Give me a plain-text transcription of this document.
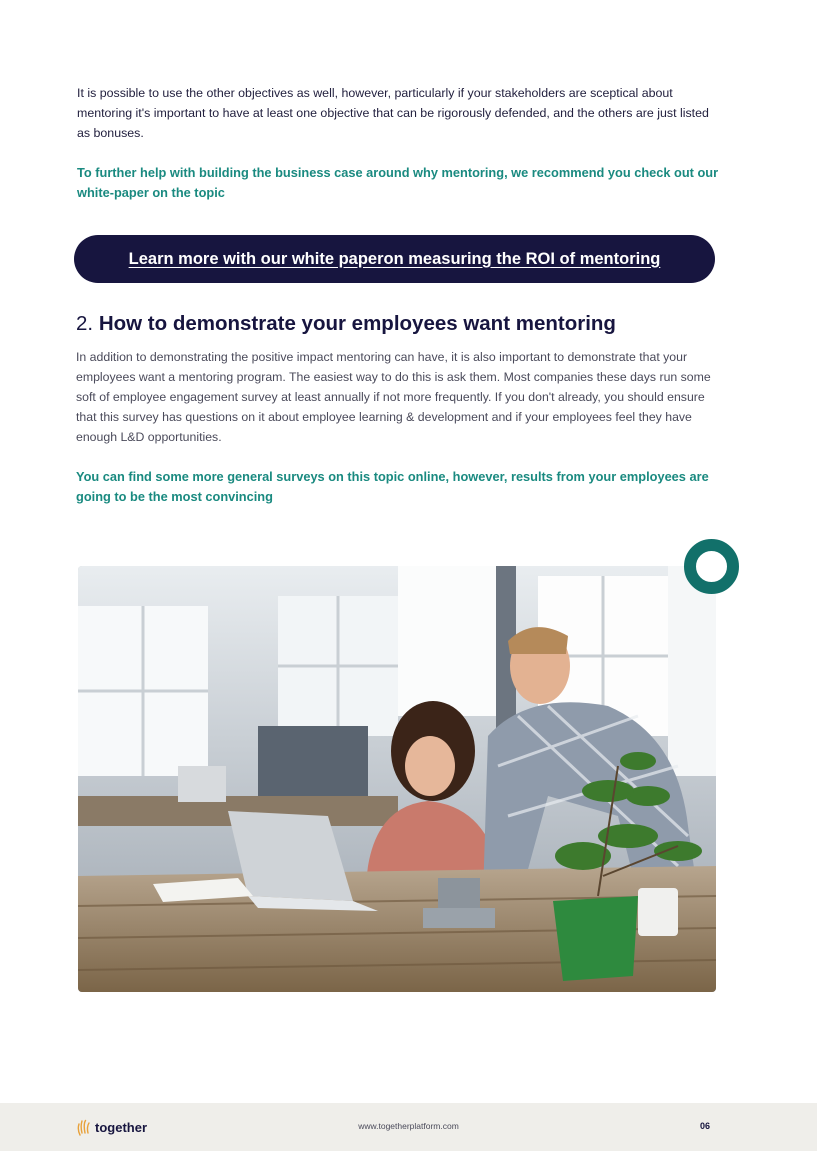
It is possible to use the other objectives as well, however, particularly if your stakeholders are sceptical about mentoring it's important to have at least one objective that can be rigorously defended, and the others are just listed as bonuses.

To further help with building the business case around why mentoring, we recommend you check out our white-paper on the topic

Learn more with our white paperon measuring the ROI of mentoring
2. How to demonstrate your employees want mentoring

In addition to demonstrating the positive impact mentoring can have, it is also important to demonstrate that your employees want a mentoring program. The easiest way to do this is ask them. Most companies these days run some soft of employee engagement survey at least annually if not more frequently. If you don't already, you should ensure that this survey has questions on it about employee learning & development and if your employees feel they have enough L&D opportunities.

You can find some more general surveys on this topic online, however, results from your employees are going to be the most convincing

together	www.togetherplatform.com	06
